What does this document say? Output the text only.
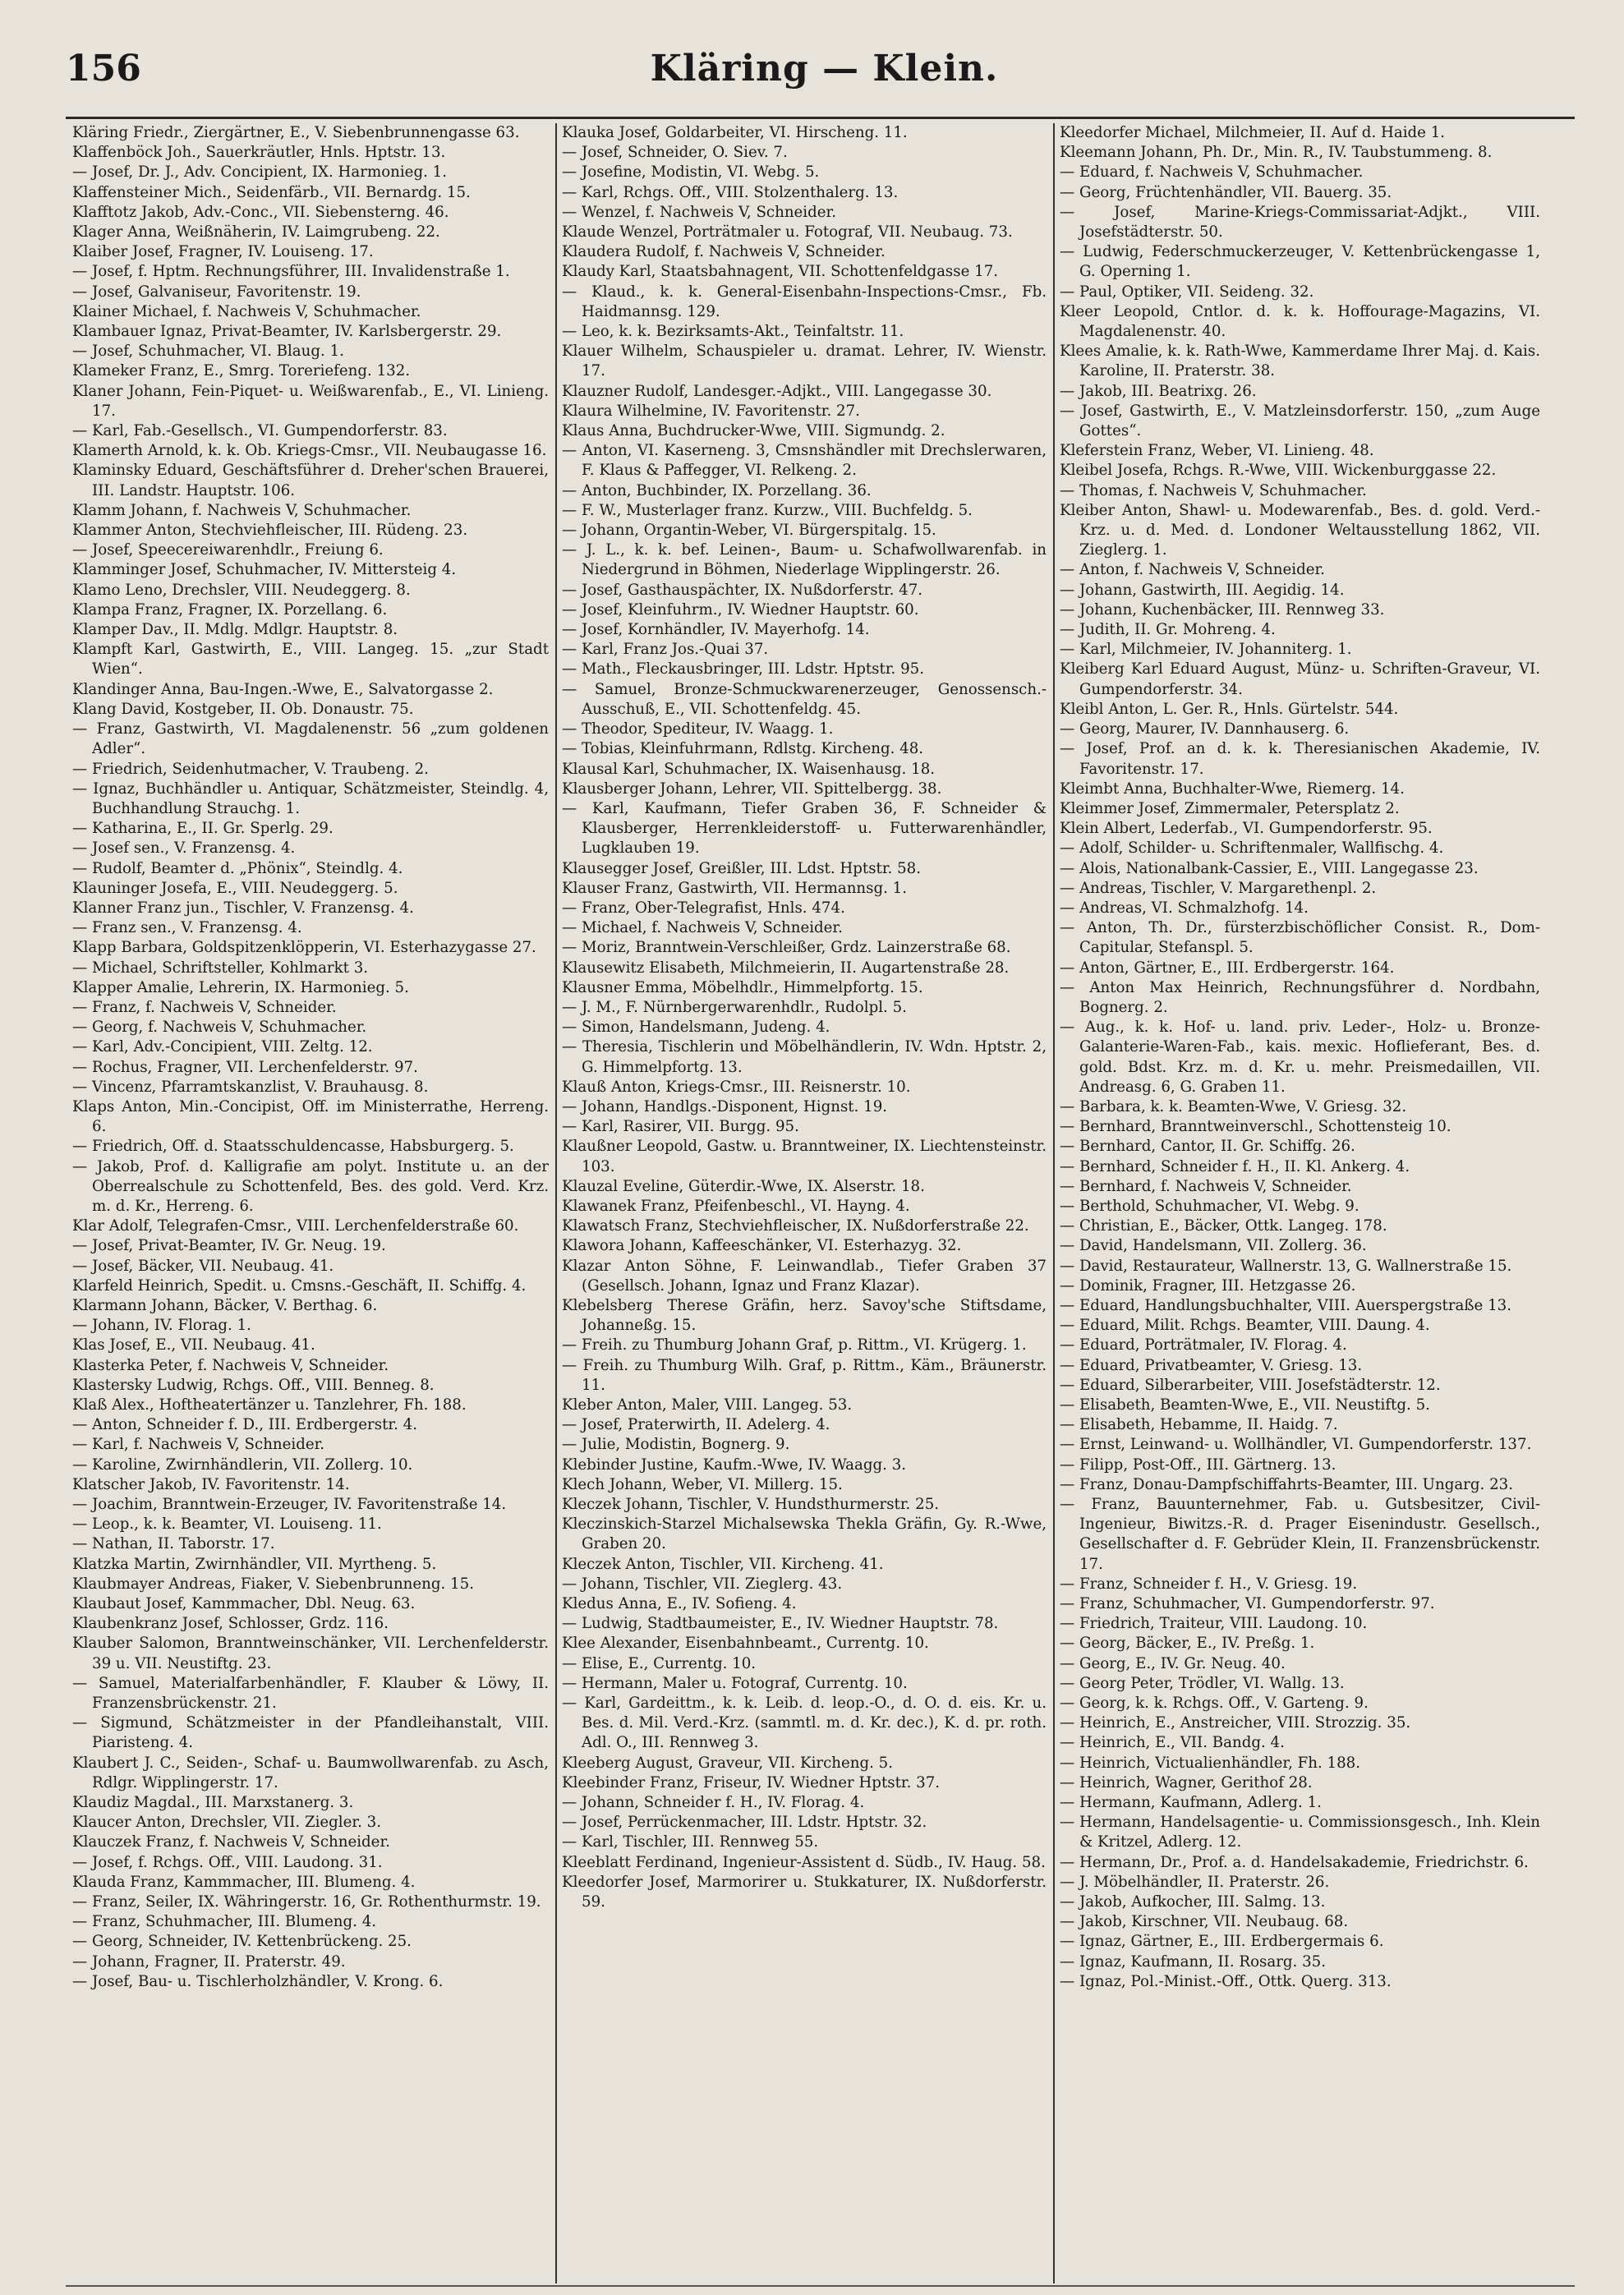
156	Kläring — Klein.
Kläring Friedr., Ziergärtner, E., V. Siebenbrunnengasse 63.
Klaffenböck Joh., Sauerkräutler, Hnls. Hptstr. 13.
— Josef, Dr. J., Adv. Concipient, IX. Harmonieg. 1.
Klaffensteiner Mich., Seidenfärb., VII. Bernardg. 15.
Klafftotz Jakob, Adv.-Conc., VII. Siebensterng. 46.
Klager Anna, Weißnäherin, IV. Laimgrubeng. 22.
Klaiber Josef, Fragner, IV. Louiseng. 17.
— Josef, f. Hptm. Rechnungsführer, III. Invalidenstraße 1.
— Josef, Galvaniseur, Favoritenstr. 19.
Klainer Michael, f. Nachweis V, Schuhmacher.
Klambauer Ignaz, Privat-Beamter, IV. Karlsbergerstr. 29.
— Josef, Schuhmacher, VI. Blaug. 1.
Klameker Franz, E., Smrg. Toreriefeng. 132.
Klaner Johann, Fein-Piquet- u. Weißwarenfab., E., VI. Linieng. 17.
— Karl, Fab.-Gesellsch., VI. Gumpendorferstr. 83.
Klamerth Arnold, k. k. Ob. Kriegs-Cmsr., VII. Neubaugasse 16.
Klaminsky Eduard, Geschäftsführer d. Dreher'schen Brauerei, III. Landstr. Hauptstr. 106.
Klamm Johann, f. Nachweis V, Schuhmacher.
Klammer Anton, Stechviehfleischer, III. Rüdeng. 23.
— Josef, Speecereiwarenhdlr., Freiung 6.
Klamminger Josef, Schuhmacher, IV. Mittersteig 4.
Klamo Leno, Drechsler, VIII. Neudeggerg. 8.
Klampa Franz, Fragner, IX. Porzellang. 6.
Klamper Dav., II. Mdlg. Mdlgr. Hauptstr. 8.
Klampft Karl, Gastwirth, E., VIII. Langeg. 15. „zur Stadt Wien“.
Klandinger Anna, Bau-Ingen.-Wwe, E., Salvatorgasse 2.
Klang David, Kostgeber, II. Ob. Donaustr. 75.
— Franz, Gastwirth, VI. Magdalenenstr. 56 „zum goldenen Adler“.
— Friedrich, Seidenhutmacher, V. Traubeng. 2.
— Ignaz, Buchhändler u. Antiquar, Schätzmeister, Steindlg. 4, Buchhandlung Strauchg. 1.
— Katharina, E., II. Gr. Sperlg. 29.
— Josef sen., V. Franzensg. 4.
— Rudolf, Beamter d. „Phönix“, Steindlg. 4.
Klauninger Josefa, E., VIII. Neudeggerg. 5.
Klanner Franz jun., Tischler, V. Franzensg. 4.
— Franz sen., V. Franzensg. 4.
Klapp Barbara, Goldspitzenklöpperin, VI. Esterhazygasse 27.
— Michael, Schriftsteller, Kohlmarkt 3.
Klapper Amalie, Lehrerin, IX. Harmonieg. 5.
— Franz, f. Nachweis V, Schneider.
— Georg, f. Nachweis V, Schuhmacher.
— Karl, Adv.-Concipient, VIII. Zeltg. 12.
— Rochus, Fragner, VII. Lerchenfelderstr. 97.
— Vincenz, Pfarramtskanzlist, V. Brauhausg. 8.
Klaps Anton, Min.-Concipist, Off. im Ministerrathe, Herreng. 6.
— Friedrich, Off. d. Staatsschuldencasse, Habsburgerg. 5.
— Jakob, Prof. d. Kalligrafie am polyt. Institute u. an der Oberrealschule zu Schottenfeld, Bes. des gold. Verd. Krz. m. d. Kr., Herreng. 6.
Klar Adolf, Telegrafen-Cmsr., VIII. Lerchenfelderstraße 60.
— Josef, Privat-Beamter, IV. Gr. Neug. 19.
— Josef, Bäcker, VII. Neubaug. 41.
Klarfeld Heinrich, Spedit. u. Cmsns.-Geschäft, II. Schiffg. 4.
Klarmann Johann, Bäcker, V. Berthag. 6.
— Johann, IV. Florag. 1.
Klas Josef, E., VII. Neubaug. 41.
Klasterka Peter, f. Nachweis V, Schneider.
Klastersky Ludwig, Rchgs. Off., VIII. Benneg. 8.
Klaß Alex., Hoftheatertänzer u. Tanzlehrer, Fh. 188.
— Anton, Schneider f. D., III. Erdbergerstr. 4.
— Karl, f. Nachweis V, Schneider.
— Karoline, Zwirnhändlerin, VII. Zollerg. 10.
Klatscher Jakob, IV. Favoritenstr. 14.
— Joachim, Branntwein-Erzeuger, IV. Favoritenstraße 14.
— Leop., k. k. Beamter, VI. Louiseng. 11.
— Nathan, II. Taborstr. 17.
Klatzka Martin, Zwirnhändler, VII. Myrtheng. 5.
Klaubmayer Andreas, Fiaker, V. Siebenbrunneng. 15.
Klaubaut Josef, Kammmacher, Dbl. Neug. 63.
Klaubenkranz Josef, Schlosser, Grdz. 116.
Klauber Salomon, Branntweinschänker, VII. Lerchenfelderstr. 39 u. VII. Neustiftg. 23.
— Samuel, Materialfarbenhändler, F. Klauber & Löwy, II. Franzensbrückenstr. 21.
— Sigmund, Schätzmeister in der Pfandleihanstalt, VIII. Piaristeng. 4.
Klaubert J. C., Seiden-, Schaf- u. Baumwollwarenfab. zu Asch, Rdlgr. Wipplingerstr. 17.
Klaudiz Magdal., III. Marxstanerg. 3.
Klaucer Anton, Drechsler, VII. Ziegler. 3.
Klauczek Franz, f. Nachweis V, Schneider.
— Josef, f. Rchgs. Off., VIII. Laudong. 31.
Klauda Franz, Kammmacher, III. Blumeng. 4.
— Franz, Seiler, IX. Währingerstr. 16, Gr. Rothenthurmstr. 19.
— Franz, Schuhmacher, III. Blumeng. 4.
— Georg, Schneider, IV. Kettenbrückeng. 25.
— Johann, Fragner, II. Praterstr. 49.
— Josef, Bau- u. Tischlerholzhändler, V. Krong. 6.
Klauka Josef, Goldarbeiter, VI. Hirscheng. 11.
— Josef, Schneider, O. Siev. 7.
— Josefine, Modistin, VI. Webg. 5.
— Karl, Rchgs. Off., VIII. Stolzenthalerg. 13.
— Wenzel, f. Nachweis V, Schneider.
Klaude Wenzel, Porträtmaler u. Fotograf, VII. Neubaug. 73.
Klaudera Rudolf, f. Nachweis V, Schneider.
Klaudy Karl, Staatsbahnagent, VII. Schottenfeldgasse 17.
— Klaud., k. k. General-Eisenbahn-Inspections-Cmsr., Fb. Haidmannsg. 129.
— Leo, k. k. Bezirksamts-Akt., Teinfaltstr. 11.
Klauer Wilhelm, Schauspieler u. dramat. Lehrer, IV. Wienstr. 17.
Klauzner Rudolf, Landesger.-Adjkt., VIII. Langegasse 30.
Klaura Wilhelmine, IV. Favoritenstr. 27.
Klaus Anna, Buchdrucker-Wwe, VIII. Sigmundg. 2.
— Anton, VI. Kaserneng. 3, Cmsnshändler mit Drechslerwaren, F. Klaus & Paffegger, VI. Relkeng. 2.
— Anton, Buchbinder, IX. Porzellang. 36.
— F. W., Musterlager franz. Kurzw., VIII. Buchfeldg. 5.
— Johann, Organtin-Weber, VI. Bürgerspitalg. 15.
— J. L., k. k. bef. Leinen-, Baum- u. Schafwollwarenfab. in Niedergrund in Böhmen, Niederlage Wipplingerstr. 26.
— Josef, Gasthauspächter, IX. Nußdorferstr. 47.
— Josef, Kleinfuhrm., IV. Wiedner Hauptstr. 60.
— Josef, Kornhändler, IV. Mayerhofg. 14.
— Karl, Franz Jos.-Quai 37.
— Math., Fleckausbringer, III. Ldstr. Hptstr. 95.
— Samuel, Bronze-Schmuckwarenerzeuger, Genossensch.-Ausschuß, E., VII. Schottenfeldg. 45.
— Theodor, Spediteur, IV. Waagg. 1.
— Tobias, Kleinfuhrmann, Rdlstg. Kircheng. 48.
Klausal Karl, Schuhmacher, IX. Waisenhausg. 18.
Klausberger Johann, Lehrer, VII. Spittelbergg. 38.
— Karl, Kaufmann, Tiefer Graben 36, F. Schneider & Klausberger, Herrenkleiderstoff- u. Futterwarenhändler, Lugklauben 19.
Klausegger Josef, Greißler, III. Ldst. Hptstr. 58.
Klauser Franz, Gastwirth, VII. Hermannsg. 1.
— Franz, Ober-Telegrafist, Hnls. 474.
— Michael, f. Nachweis V, Schneider.
— Moriz, Branntwein-Verschleißer, Grdz. Lainzerstraße 68.
Klausewitz Elisabeth, Milchmeierin, II. Augartenstraße 28.
Klausner Emma, Möbelhdlr., Himmelpfortg. 15.
— J. M., F. Nürnbergerwarenhdlr., Rudolpl. 5.
— Simon, Handelsmann, Judeng. 4.
— Theresia, Tischlerin und Möbelhändlerin, IV. Wdn. Hptstr. 2, G. Himmelpfortg. 13.
Klauß Anton, Kriegs-Cmsr., III. Reisnerstr. 10.
— Johann, Handlgs.-Disponent, Hignst. 19.
— Karl, Rasirer, VII. Burgg. 95.
Klaußner Leopold, Gastw. u. Branntweiner, IX. Liechtensteinstr. 103.
Klauzal Eveline, Güterdir.-Wwe, IX. Alserstr. 18.
Klawanek Franz, Pfeifenbeschl., VI. Hayng. 4.
Klawatsch Franz, Stechviehfleischer, IX. Nußdorferstraße 22.
Klawora Johann, Kaffeeschänker, VI. Esterhazyg. 32.
Klazar Anton Söhne, F. Leinwandlab., Tiefer Graben 37 (Gesellsch. Johann, Ignaz und Franz Klazar).
Klebelsberg Therese Gräfin, herz. Savoy'sche Stiftsdame, Johanneßg. 15.
— Freih. zu Thumburg Johann Graf, p. Rittm., VI. Krügerg. 1.
— Freih. zu Thumburg Wilh. Graf, p. Rittm., Käm., Bräunerstr. 11.
Kleber Anton, Maler, VIII. Langeg. 53.
— Josef, Praterwirth, II. Adelerg. 4.
— Julie, Modistin, Bognerg. 9.
Klebinder Justine, Kaufm.-Wwe, IV. Waagg. 3.
Klech Johann, Weber, VI. Millerg. 15.
Kleczek Johann, Tischler, V. Hundsthurmerstr. 25.
Kleczinskich-Starzel Michalsewska Thekla Gräfin, Gy. R.-Wwe, Graben 20.
Kleczek Anton, Tischler, VII. Kircheng. 41.
— Johann, Tischler, VII. Zieglerg. 43.
Kledus Anna, E., IV. Sofieng. 4.
— Ludwig, Stadtbaumeister, E., IV. Wiedner Hauptstr. 78.
Klee Alexander, Eisenbahnbeamt., Currentg. 10.
— Elise, E., Currentg. 10.
— Hermann, Maler u. Fotograf, Currentg. 10.
— Karl, Gardeittm., k. k. Leib. d. leop.-O., d. O. d. eis. Kr. u. Bes. d. Mil. Verd.-Krz. (sammtl. m. d. Kr. dec.), K. d. pr. roth. Adl. O., III. Rennweg 3.
Kleeberg August, Graveur, VII. Kircheng. 5.
Kleebinder Franz, Friseur, IV. Wiedner Hptstr. 37.
— Johann, Schneider f. H., IV. Florag. 4.
— Josef, Perrückenmacher, III. Ldstr. Hptstr. 32.
— Karl, Tischler, III. Rennweg 55.
Kleeblatt Ferdinand, Ingenieur-Assistent d. Südb., IV. Haug. 58.
Kleedorfer Josef, Marmorirer u. Stukkaturer, IX. Nußdorferstr. 59.
Kleedorfer Michael, Milchmeier, II. Auf d. Haide 1.
Kleemann Johann, Ph. Dr., Min. R., IV. Taubstummeng. 8.
— Eduard, f. Nachweis V, Schuhmacher.
— Georg, Früchtenhändler, VII. Bauerg. 35.
— Josef, Marine-Kriegs-Commissariat-Adjkt., VIII. Josefstädterstr. 50.
— Ludwig, Federschmuckerzeuger, V. Kettenbrückengasse 1, G. Operning 1.
— Paul, Optiker, VII. Seideng. 32.
Kleer Leopold, Cntlor. d. k. k. Hoffourage-Magazins, VI. Magdalenenstr. 40.
Klees Amalie, k. k. Rath-Wwe, Kammerdame Ihrer Maj. d. Kais. Karoline, II. Praterstr. 38.
— Jakob, III. Beatrixg. 26.
— Josef, Gastwirth, E., V. Matzleinsdorferstr. 150, „zum Auge Gottes“.
Kleferstein Franz, Weber, VI. Linieng. 48.
Kleibel Josefa, Rchgs. R.-Wwe, VIII. Wickenburggasse 22.
— Thomas, f. Nachweis V, Schuhmacher.
Kleiber Anton, Shawl- u. Modewarenfab., Bes. d. gold. Verd.-Krz. u. d. Med. d. Londoner Weltausstellung 1862, VII. Zieglerg. 1.
— Anton, f. Nachweis V, Schneider.
— Johann, Gastwirth, III. Aegidig. 14.
— Johann, Kuchenbäcker, III. Rennweg 33.
— Judith, II. Gr. Mohreng. 4.
— Karl, Milchmeier, IV. Johanniterg. 1.
Kleiberg Karl Eduard August, Münz- u. Schriften-Graveur, VI. Gumpendorferstr. 34.
Kleibl Anton, L. Ger. R., Hnls. Gürtelstr. 544.
— Georg, Maurer, IV. Dannhauserg. 6.
— Josef, Prof. an d. k. k. Theresianischen Akademie, IV. Favoritenstr. 17.
Kleimbt Anna, Buchhalter-Wwe, Riemerg. 14.
Kleimmer Josef, Zimmermaler, Petersplatz 2.
Klein Albert, Lederfab., VI. Gumpendorferstr. 95.
— Adolf, Schilder- u. Schriftenmaler, Wallfischg. 4.
— Alois, Nationalbank-Cassier, E., VIII. Langegasse 23.
— Andreas, Tischler, V. Margarethenpl. 2.
— Andreas, VI. Schmalzhofg. 14.
— Anton, Th. Dr., fürsterzbischöflicher Consist. R., Dom-Capitular, Stefanspl. 5.
— Anton, Gärtner, E., III. Erdbergerstr. 164.
— Anton Max Heinrich, Rechnungsführer d. Nordbahn, Bognerg. 2.
— Aug., k. k. Hof- u. land. priv. Leder-, Holz- u. Bronze-Galanterie-Waren-Fab., kais. mexic. Hoflieferant, Bes. d. gold. Bdst. Krz. m. d. Kr. u. mehr. Preismedaillen, VII. Andreasg. 6, G. Graben 11.
— Barbara, k. k. Beamten-Wwe, V. Griesg. 32.
— Bernhard, Branntweinverschl., Schottensteig 10.
— Bernhard, Cantor, II. Gr. Schiffg. 26.
— Bernhard, Schneider f. H., II. Kl. Ankerg. 4.
— Bernhard, f. Nachweis V, Schneider.
— Berthold, Schuhmacher, VI. Webg. 9.
— Christian, E., Bäcker, Ottk. Langeg. 178.
— David, Handelsmann, VII. Zollerg. 36.
— David, Restaurateur, Wallnerstr. 13, G. Wallnerstraße 15.
— Dominik, Fragner, III. Hetzgasse 26.
— Eduard, Handlungsbuchhalter, VIII. Auerspergstraße 13.
— Eduard, Milit. Rchgs. Beamter, VIII. Daung. 4.
— Eduard, Porträtmaler, IV. Florag. 4.
— Eduard, Privatbeamter, V. Griesg. 13.
— Eduard, Silberarbeiter, VIII. Josefstädterstr. 12.
— Elisabeth, Beamten-Wwe, E., VII. Neustiftg. 5.
— Elisabeth, Hebamme, II. Haidg. 7.
— Ernst, Leinwand- u. Wollhändler, VI. Gumpendorferstr. 137.
— Filipp, Post-Off., III. Gärtnerg. 13.
— Franz, Donau-Dampfschiffahrts-Beamter, III. Ungarg. 23.
— Franz, Bauunternehmer, Fab. u. Gutsbesitzer, Civil-Ingenieur, Biwitzs.-R. d. Prager Eisenindustr. Gesellsch., Gesellschafter d. F. Gebrüder Klein, II. Franzensbrückenstr. 17.
— Franz, Schneider f. H., V. Griesg. 19.
— Franz, Schuhmacher, VI. Gumpendorferstr. 97.
— Friedrich, Traiteur, VIII. Laudong. 10.
— Georg, Bäcker, E., IV. Preßg. 1.
— Georg, E., IV. Gr. Neug. 40.
— Georg Peter, Trödler, VI. Wallg. 13.
— Georg, k. k. Rchgs. Off., V. Garteng. 9.
— Heinrich, E., Anstreicher, VIII. Strozzig. 35.
— Heinrich, E., VII. Bandg. 4.
— Heinrich, Victualienhändler, Fh. 188.
— Heinrich, Wagner, Gerithof 28.
— Hermann, Kaufmann, Adlerg. 1.
— Hermann, Handelsagentie- u. Commissionsgesch., Inh. Klein & Kritzel, Adlerg. 12.
— Hermann, Dr., Prof. a. d. Handelsakademie, Friedrichstr. 6.
— J. Möbelhändler, II. Praterstr. 26.
— Jakob, Aufkocher, III. Salmg. 13.
— Jakob, Kirschner, VII. Neubaug. 68.
— Ignaz, Gärtner, E., III. Erdbergermais 6.
— Ignaz, Kaufmann, II. Rosarg. 35.
— Ignaz, Pol.-Minist.-Off., Ottk. Querg. 313.
